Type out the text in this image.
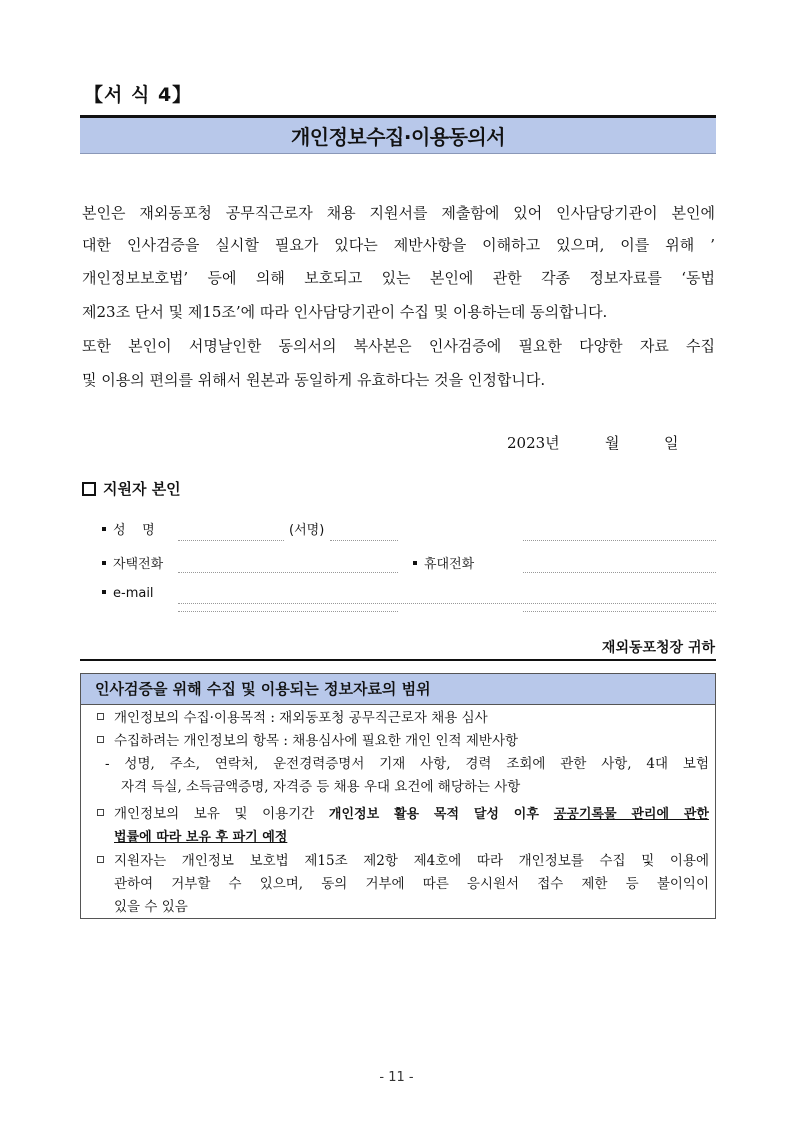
【서 식 4】
개인정보수집·이용동의서
본인은 재외동포청 공무직근로자 채용 지원서를 제출함에 있어 인사담당기관이 본인에
대한 인사검증을 실시할 필요가 있다는 제반사항을 이해하고 있으며, 이를 위해 ’
개인정보보호법’ 등에 의해 보호되고 있는 본인에 관한 각종 정보자료를 ‘동법
제23조 단서 및 제15조’에 따라 인사담당기관이 수집 및 이용하는데 동의합니다.
또한 본인이 서명날인한 동의서의 복사본은 인사검증에 필요한 다양한 자료 수집
및 이용의 편의를 위해서 원본과 동일하게 유효하다는 것을 인정합니다.
2023년	월	일
지원자 본인
성    명	(서명)
자택전화	휴대전화
e-mail
재외동포청장 귀하
인사검증을 위해 수집 및 이용되는 정보자료의 범위
개인정보의 수집·이용목적 : 재외동포청 공무직근로자 채용 심사
수집하려는 개인정보의 항목 : 채용심사에 필요한 개인 인적 제반사항
- 성명, 주소, 연락처, 운전경력증명서 기재 사항, 경력 조회에 관한 사항, 4대 보험
자격 득실, 소득금액증명, 자격증 등 채용 우대 요건에 해당하는 사항
개인정보의 보유 및 이용기간 개인정보 활용 목적 달성 이후 공공기록물 관리에 관한
법률에 따라 보유 후 파기 예정
지원자는 개인정보 보호법 제15조 제2항 제4호에 따라 개인정보를 수집 및 이용에
관하여 거부할 수 있으며, 동의 거부에 따른 응시원서 접수 제한 등 불이익이
있을 수 있음
- 11 -
